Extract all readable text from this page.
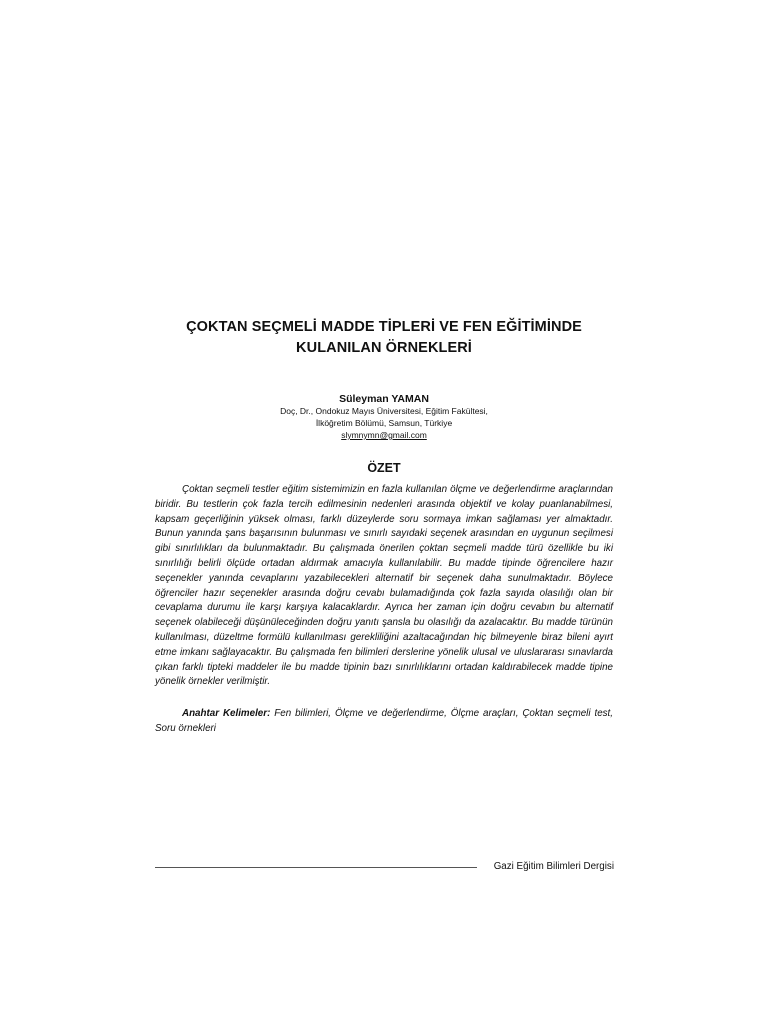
ÇOKTAN SEÇMELİ MADDE TİPLERİ VE FEN EĞİTİMİNDE
KULANILAN ÖRNEKLERİ
Süleyman YAMAN
Doç, Dr., Ondokuz Mayıs Üniversitesi, Eğitim Fakültesi,
İlköğretim Bölümü, Samsun, Türkiye
slymnymn@gmail.com
ÖZET

Çoktan seçmeli testler eğitim sistemimizin en fazla kullanılan ölçme ve değerlendirme araçlarından biridir. Bu testlerin çok fazla tercih edilmesinin nedenleri arasında objektif ve kolay puanlanabilmesi, kapsam geçerliğinin yüksek olması, farklı düzeylerde soru sormaya imkan sağlaması yer almaktadır. Bunun yanında şans başarısının bulunması ve sınırlı sayıdaki seçenek arasından en uygunun seçilmesi gibi sınırlılıkları da bulunmaktadır. Bu çalışmada önerilen çoktan seçmeli madde türü özellikle bu iki sınırlılığı belirli ölçüde ortadan aldırmak amacıyla kullanılabilir. Bu madde tipinde öğrencilere hazır seçenekler yanında cevaplarını yazabilecekleri alternatif bir seçenek daha sunulmaktadır. Böylece öğrenciler hazır seçenekler arasında doğru cevabı bulamadığında çok fazla sayıda olasılığı olan bir cevaplama durumu ile karşı karşıya kalacaklardır. Ayrıca her zaman için doğru cevabın bu alternatif seçenek olabileceği düşünüleceğinden doğru yanıtı şansla bu olasılığı da azalacaktır. Bu madde türünün kullanılması, düzeltme formülü kullanılması gerekliliğini azaltacağından hiç bilmeyenle biraz bileni ayırt etme imkanı sağlayacaktır. Bu çalışmada fen bilimleri derslerine yönelik ulusal ve uluslararası sınavlarda çıkan farklı tipteki maddeler ile bu madde tipinin bazı sınırlılıklarını ortadan kaldırabilecek madde tipine yönelik örnekler verilmiştir.

Anahtar Kelimeler: Fen bilimleri, Ölçme ve değerlendirme, Ölçme araçları, Çoktan seçmeli test, Soru örnekleri

Gazi Eğitim Bilimleri Dergisi
